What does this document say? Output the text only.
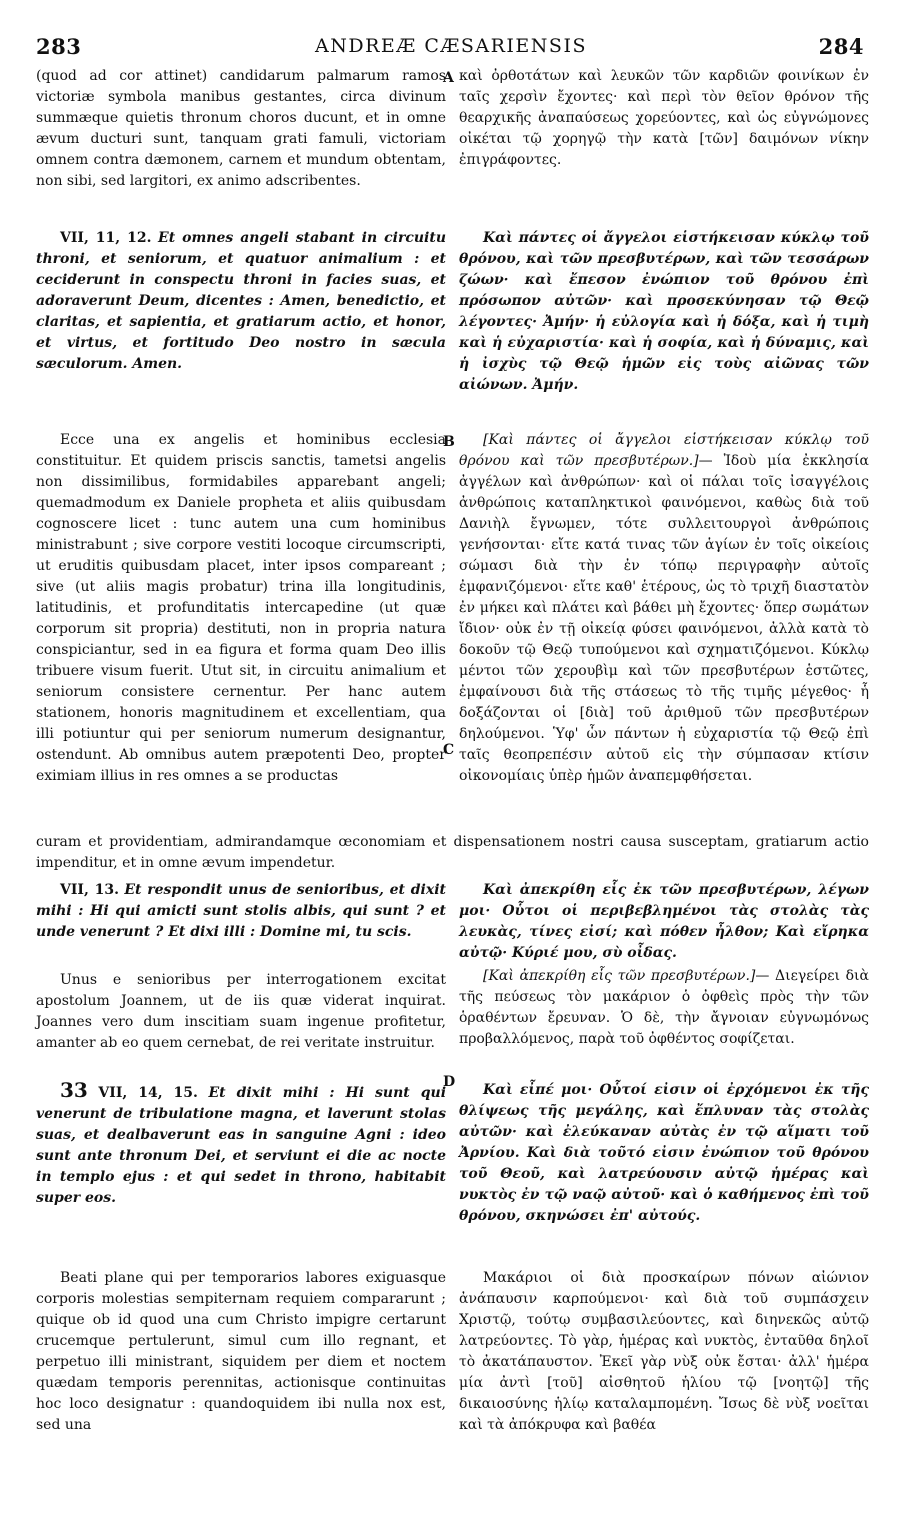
283	ANDREÆ CÆSARIENSIS	284
A
B
C
D

(quod ad cor attinet) candidarum palmarum ramos victoriæ symbola manibus gestantes, circa divinum summæque quietis thronum choros ducunt, et in omne ævum ducturi sunt, tanquam grati famuli, victoriam omnem contra dæmonem, carnem et mundum obtentam, non sibi, sed largitori, ex animo adscribentes.

VII, 11, 12. Et omnes angeli stabant in circuitu throni, et seniorum, et quatuor animalium : et ceciderunt in conspectu throni in facies suas, et adoraverunt Deum, dicentes : Amen, benedictio, et claritas, et sapientia, et gratiarum actio, et honor, et virtus, et fortitudo Deo nostro in sæcula sæculorum. Amen.

Ecce una ex angelis et hominibus ecclesia constituitur. Et quidem priscis sanctis, tametsi angelis non dissimilibus, formidabiles apparebant angeli; quemadmodum ex Daniele propheta et aliis quibusdam cognoscere licet : tunc autem una cum hominibus ministrabunt ; sive corpore vestiti locoque circumscripti, ut eruditis quibusdam placet, inter ipsos compareant ; sive (ut aliis magis probatur) trina illa longitudinis, latitudinis, et profunditatis intercapedine (ut quæ corporum sit propria) destituti, non in propria natura conspiciantur, sed in ea figura et forma quam Deo illis tribuere visum fuerit. Utut sit, in circuitu animalium et seniorum consistere cernentur. Per hanc autem stationem, honoris magnitudinem et excellentiam, qua illi potiuntur qui per seniorum numerum designantur, ostendunt. Ab omnibus autem præpotenti Deo, propter eximiam illius in res omnes a se productas

curam et providentiam, admirandamque œconomiam et dispensationem nostri causa susceptam, gratiarum actio impenditur, et in omne ævum impendetur.

VII, 13. Et respondit unus de senioribus, et dixit mihi : Hi qui amicti sunt stolis albis, qui sunt ? et unde venerunt ? Et dixi illi : Domine mi, tu scis.

Unus e senioribus per interrogationem excitat apostolum Joannem, ut de iis quæ viderat inquirat. Joannes vero dum inscitiam suam ingenue profitetur, amanter ab eo quem cernebat, de rei veritate instruitur.

33 VII, 14, 15. Et dixit mihi : Hi sunt qui venerunt de tribulatione magna, et laverunt stolas suas, et dealbaverunt eas in sanguine Agni : ideo sunt ante thronum Dei, et serviunt ei die ac nocte in templo ejus : et qui sedet in throno, habitabit super eos.

Beati plane qui per temporarios labores exiguasque corporis molestias sempiternam requiem compararunt ; quique ob id quod una cum Christo impigre certarunt crucemque pertulerunt, simul cum illo regnant, et perpetuo illi ministrant, siquidem per diem et noctem quædam temporis perennitas, actionisque continuitas hoc loco designatur : quandoquidem ibi nulla nox est, sed una

καὶ ὀρθοτάτων καὶ λευκῶν τῶν καρδιῶν φοινίκων ἐν ταῖς χερσὶν ἔχοντες· καὶ περὶ τὸν θεῖον θρόνον τῆς θεαρχικῆς ἀναπαύσεως χορεύοντες, καὶ ὡς εὐγνώμονες οἰκέται τῷ χορηγῷ τὴν κατὰ [τῶν] δαιμόνων νίκην ἐπιγράφοντες.

Καὶ πάντες οἱ ἄγγελοι εἱστήκεισαν κύκλῳ τοῦ θρόνου, καὶ τῶν πρεσβυτέρων, καὶ τῶν τεσσάρων ζώων· καὶ ἔπεσον ἐνώπιον τοῦ θρόνου ἐπὶ πρόσωπον αὐτῶν· καὶ προσεκύνησαν τῷ Θεῷ λέγοντες· Ἀμήν· ἡ εὐλογία καὶ ἡ δόξα, καὶ ἡ τιμὴ καὶ ἡ εὐχαριστία· καὶ ἡ σοφία, καὶ ἡ δύναμις, καὶ ἡ ἰσχὺς τῷ Θεῷ ἡμῶν εἰς τοὺς αἰῶνας τῶν αἰώνων. Ἀμήν.

[Καὶ πάντες οἱ ἄγγελοι εἱστήκεισαν κύκλῳ τοῦ θρόνου καὶ τῶν πρεσβυτέρων.]— Ἰδοὺ μία ἐκκλησία ἀγγέλων καὶ ἀνθρώπων· καὶ οἱ πάλαι τοῖς ἰσαγγέλοις ἀνθρώποις καταπληκτικοὶ φαινόμενοι, καθὼς διὰ τοῦ Δανιὴλ ἔγνωμεν, τότε συλλειτουργοὶ ἀνθρώποις γενήσονται· εἴτε κατά τινας τῶν ἁγίων ἐν τοῖς οἰκείοις σώμασι διὰ τὴν ἐν τόπῳ περιγραφὴν αὐτοῖς ἐμφανιζόμενοι· εἴτε καθ' ἑτέρους, ὡς τὸ τριχῆ διαστατὸν ἐν μήκει καὶ πλάτει καὶ βάθει μὴ ἔχοντες· ὅπερ σωμάτων ἴδιον· οὐκ ἐν τῇ οἰκείᾳ φύσει φαινόμενοι, ἀλλὰ κατὰ τὸ δοκοῦν τῷ Θεῷ τυπούμενοι καὶ σχηματιζόμενοι. Κύκλῳ μέντοι τῶν χερουβὶμ καὶ τῶν πρεσβυτέρων ἑστῶτες, ἐμφαίνουσι διὰ τῆς στάσεως τὸ τῆς τιμῆς μέγεθος· ἧ δοξάζονται οἱ [διὰ] τοῦ ἀριθμοῦ τῶν πρεσβυτέρων δηλούμενοι. Ὑφ' ὧν πάντων ἡ εὐχαριστία τῷ Θεῷ ἐπὶ ταῖς θεοπρεπέσιν αὐτοῦ εἰς τὴν σύμπασαν κτίσιν οἰκονομίαις ὑπὲρ ἡμῶν ἀναπεμφθήσεται.

Καὶ ἀπεκρίθη εἷς ἐκ τῶν πρεσβυτέρων, λέγων μοι· Οὗτοι οἱ περιβεβλημένοι τὰς στολὰς τὰς λευκὰς, τίνες εἰσί; καὶ πόθεν ἦλθον; Καὶ εἴρηκα αὐτῷ· Κύριέ μου, σὺ οἶδας.

[Καὶ ἀπεκρίθη εἷς τῶν πρεσβυτέρων.]— Διεγείρει διὰ τῆς πεύσεως τὸν μακάριον ὁ ὀφθεὶς πρὸς τὴν τῶν ὁραθέντων ἔρευναν. Ὁ δὲ, τὴν ἄγνοιαν εὐγνωμόνως προβαλλόμενος, παρὰ τοῦ ὀφθέντος σοφίζεται.

Καὶ εἶπέ μοι· Οὗτοί εἰσιν οἱ ἐρχόμενοι ἐκ τῆς θλίψεως τῆς μεγάλης, καὶ ἔπλυναν τὰς στολὰς αὐτῶν· καὶ ἐλεύκαναν αὐτὰς ἐν τῷ αἵματι τοῦ Ἀρνίου. Καὶ διὰ τοῦτό εἰσιν ἐνώπιον τοῦ θρόνου τοῦ Θεοῦ, καὶ λατρεύουσιν αὐτῷ ἡμέρας καὶ νυκτὸς ἐν τῷ ναῷ αὐτοῦ· καὶ ὁ καθήμενος ἐπὶ τοῦ θρόνου, σκηνώσει ἐπ' αὐτούς.

Μακάριοι οἱ διὰ προσκαίρων πόνων αἰώνιον ἀνάπαυσιν καρπούμενοι· καὶ διὰ τοῦ συμπάσχειν Χριστῷ, τούτῳ συμβασιλεύοντες, καὶ διηνεκῶς αὐτῷ λατρεύοντες. Τὸ γὰρ, ἡμέρας καὶ νυκτὸς, ἐνταῦθα δηλοῖ τὸ ἀκατάπαυστον. Ἐκεῖ γὰρ νὺξ οὐκ ἔσται· ἀλλ' ἡμέρα μία ἀντὶ [τοῦ] αἰσθητοῦ ἡλίου τῷ [νοητῷ] τῆς δικαιοσύνης ἡλίῳ καταλαμπομένη. Ἴσως δὲ νὺξ νοεῖται καὶ τὰ ἀπόκρυφα καὶ βαθέα
